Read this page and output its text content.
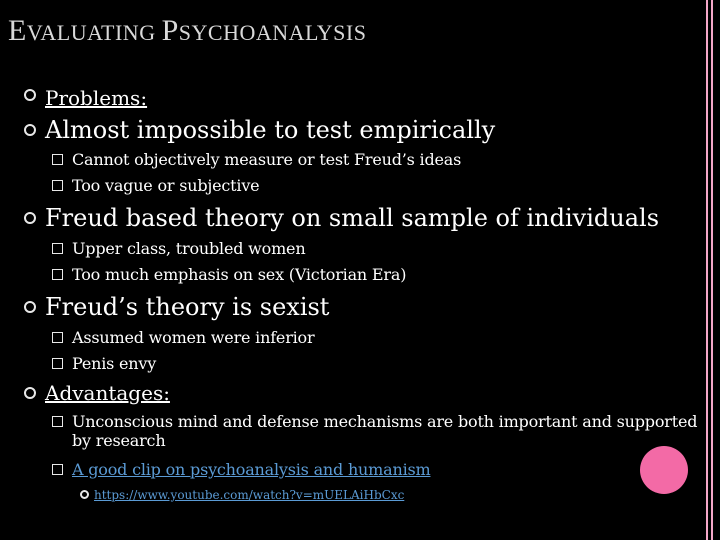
EVALUATING PSYCHOANALYSIS
Problems:
Almost impossible to test empirically
Cannot objectively measure or test Freud’s ideas
Too vague or subjective
Freud based theory on small sample of individuals
Upper class, troubled women
Too much emphasis on sex (Victorian Era)
Freud’s theory is sexist
Assumed women were inferior
Penis envy
Advantages:
Unconscious mind and defense mechanisms are both important and supported
by research
A good clip on psychoanalysis and humanism
https://www.youtube.com/watch?v=mUELAiHbCxc
